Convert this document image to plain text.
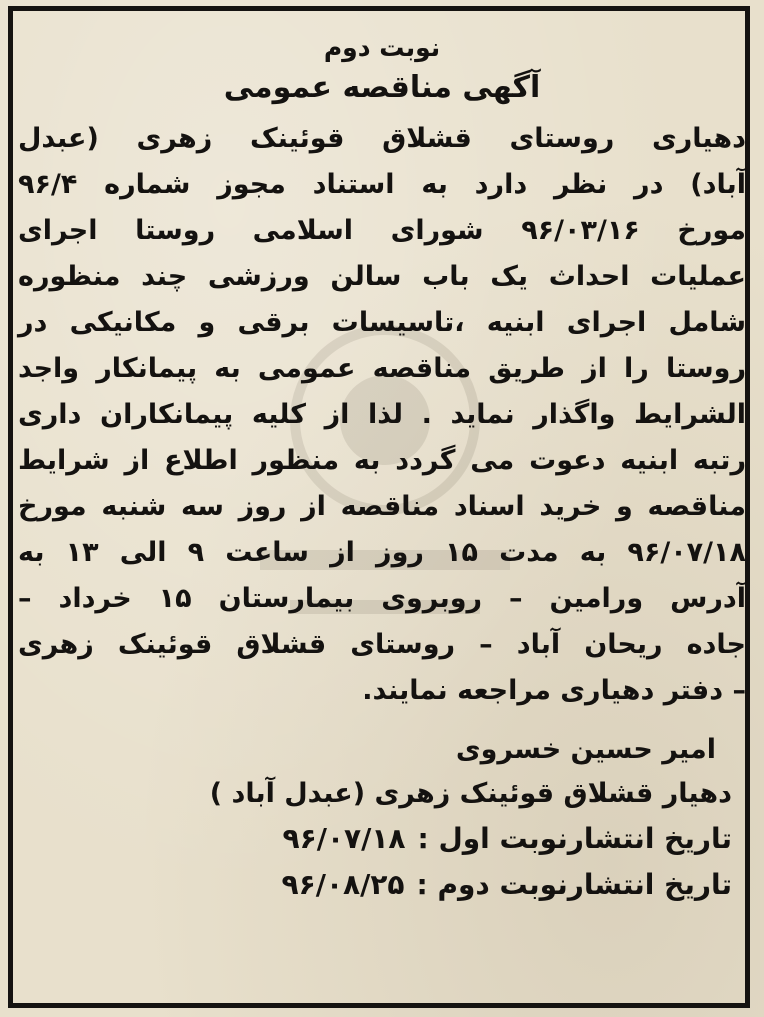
نوبت دوم

آگهی مناقصه عمومی

دهیاری روستای قشلاق قوئینک زهری (عبدل
آباد) در نظر دارد به استناد مجوز شماره ۹۶/۴
مورخ ۹۶/۰۳/۱۶ شورای اسلامی روستا اجرای
عملیات احداث یک باب سالن ورزشی چند منظوره
شامل اجرای ابنیه ،تاسیسات برقی و مکانیکی در
روستا را از طریق مناقصه عمومی به پیمانکار واجد
الشرایط واگذار نماید . لذا از کلیه پیمانکاران داری
رتبه ابنیه دعوت می گردد به منظور اطلاع از شرایط
مناقصه و خرید اسناد مناقصه از روز سه شنبه مورخ
۹۶/۰۷/۱۸ به مدت ۱۵ روز از ساعت ۹ الی ۱۳ به
آدرس ورامین – روبروی بیمارستان ۱۵ خرداد –
جاده ریحان آباد – روستای قشلاق قوئینک زهری
– دفتر دهیاری مراجعه نمایند.
امیر حسین خسروی
دهیار قشلاق قوئینک زهری (عبدل آباد )
تاریخ انتشارنوبت اول :
۹۶/۰۷/۱۸
تاریخ انتشارنوبت دوم :
۹۶/۰۸/۲۵
